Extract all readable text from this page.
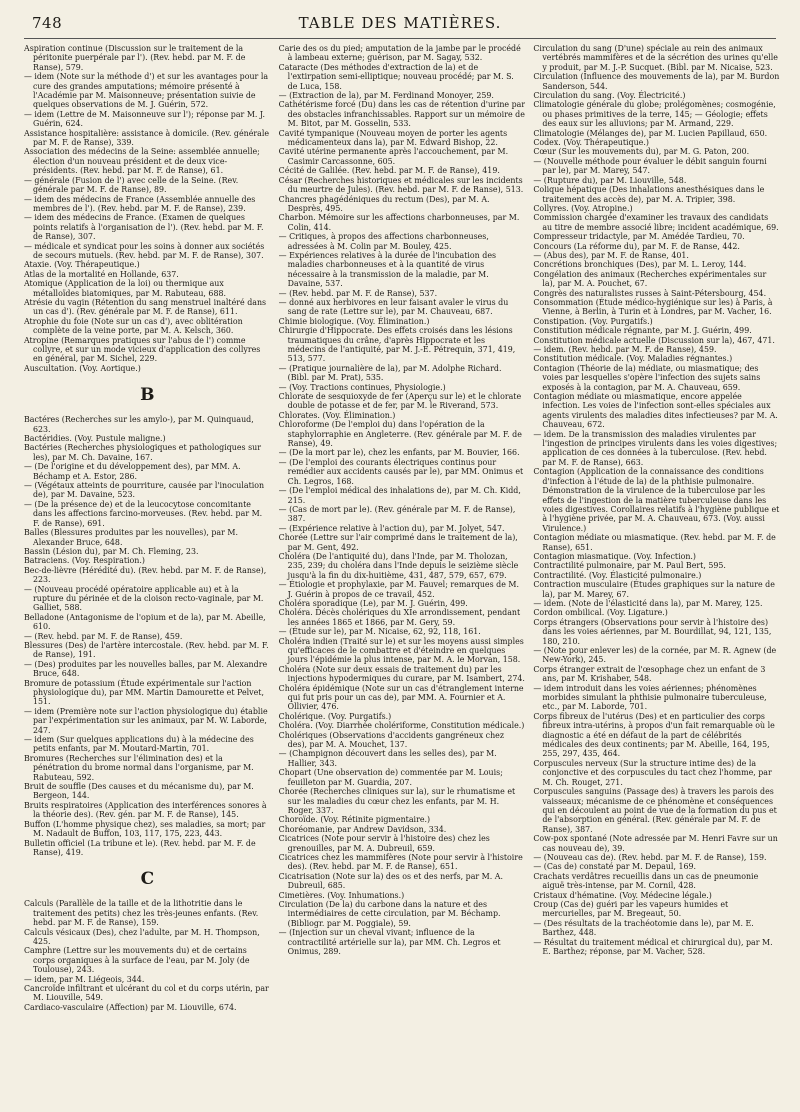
748	TABLE DES MATIÈRES.

Aspiration continue (Discussion sur le traitement de la péritonite puerpérale par l'). (Rev. hebd. par M. F. de Ranse), 579.

— idem (Note sur la méthode d') et sur les avantages pour la cure des grandes amputations; mémoire présenté à l'Académie par M. Maisonneuve; présentation suivie de quelques observations de M. J. Guérin, 572.

— idem (Lettre de M. Maisonneuve sur l'); réponse par M. J. Guérin, 624.

Assistance hospitalière: assistance à domicile. (Rev. générale par M. F. de Ranse), 339.

Association des médecins de la Seine: assemblée annuelle; élection d'un nouveau président et de deux vice-présidents. (Rev. hebd. par M. F. de Ranse), 61.

— générale (Fusion de l') avec celle de la Seine. (Rev. générale par M. F. de Ranse), 89.

— idem des médecins de France (Assemblée annuelle des membres de l'). (Rev. hebd. par M. F. de Ranse), 239.

— idem des médecins de France. (Examen de quelques points relatifs à l'organisation de l'). (Rev. hebd. par M. F. de Ranse), 307.

— médicale et syndicat pour les soins à donner aux sociétés de secours mutuels. (Rev. hebd. par M. F. de Ranse), 307.

Ataxie. (Voy. Thérapeutique.)

Atlas de la mortalité en Hollande, 637.

Atomique (Application de la loi) ou thermique aux métalloïdes biatomiques, par M. Rabuteau, 688.

Atrésie du vagin (Rétention du sang menstruel inaltéré dans un cas d'). (Rev. générale par M. F. de Ranse), 611.

Atrophie du foie (Note sur un cas d'), avec oblitération complète de la veine porte, par M. A. Kelsch, 360.

Atropine (Remarques pratiques sur l'abus de l') comme collyre, et sur un mode vicieux d'application des collyres en général, par M. Sichel, 229.

Auscultation. (Voy. Aortique.)

B

Bactéres (Recherches sur les amylo-), par M. Quinquaud, 623.

Bactéridies. (Voy. Pustule maligne.)

Bactéries (Recherches physiologiques et pathologiques sur les), par M. Ch. Davaine, 167.

— (De l'origine et du développement des), par MM. A. Béchamp et A. Estor, 286.

— (Végétaux atteints de pourriture, causée par l'inoculation de), par M. Davaine, 523.

— (De la présence de) et de la leucocytose concomitante dans les affections farcino-morveuses. (Rev. hebd. par M. F. de Ranse), 691.

Balles (Blessures produites par les nouvelles), par M. Alexander Bruce, 648.

Bassin (Lésion du), par M. Ch. Fleming, 23.

Batraciens. (Voy. Respiration.)

Bec-de-lièvre (Hérédité du). (Rev. hebd. par M. F. de Ranse), 223.

— (Nouveau procédé opératoire applicable au) et à la rupture du périnée et de la cloison recto-vaginale, par M. Galliet, 588.

Belladone (Antagonisme de l'opium et de la), par M. Abeille, 610.

— (Rev. hebd. par M. F. de Ranse), 459.

Blessures (Des) de l'artère intercostale. (Rev. hebd. par M. F. de Ranse), 191.

— (Des) produites par les nouvelles balles, par M. Alexandre Bruce, 648.

Bromure de potassium (Étude expérimentale sur l'action physiologique du), par MM. Martin Damourette et Pelvet, 151.

— idem (Première note sur l'action physiologique du) établie par l'expérimentation sur les animaux, par M. W. Laborde, 247.

— idem (Sur quelques applications du) à la médecine des petits enfants, par M. Moutard-Martin, 701.

Bromures (Recherches sur l'élimination des) et la pénétration du brome normal dans l'organisme, par M. Rabuteau, 592.

Bruit de souffle (Des causes et du mécanisme du), par M. Bergeon, 144.

Bruits respiratoires (Application des interférences sonores à la théorie des). (Rev. gén. par M. F. de Ranse), 145.

Buffon (L'homme physique chez), ses maladies, sa mort; par M. Nadault de Buffon, 103, 117, 175, 223, 443.

Bulletin officiel (La tribune et le). (Rev. hebd. par M. F. de Ranse), 419.

C

Calculs (Parallèle de la taille et de la lithotritie dans le traitement des petits) chez les très-jeunes enfants. (Rev. hebd. par M. F. de Ranse), 159.

Calculs vésicaux (Des), chez l'adulte, par M. H. Thompson, 425.

Camphre (Lettre sur les mouvements du) et de certains corps organiques à la surface de l'eau, par M. Joly (de Toulouse), 243.

— idem, par M. Liégeois, 344.

Cancroïde infiltrant et ulcérant du col et du corps utérin, par M. Liouville, 549.

Cardiaco-vasculaire (Affection) par M. Liouville, 674.

Carie des os du pied; amputation de la jambe par le procédé à lambeau externe; guérison, par M. Sagay, 532.

Cataracte (Des méthodes d'extraction de la) et de l'extirpation semi-elliptique; nouveau procédé; par M. S. de Luca, 158.

— (Extraction de la), par M. Ferdinand Monoyer, 259.

Cathétérisme forcé (Du) dans les cas de rétention d'urine par des obstacles infranchissables. Rapport sur un mémoire de M. Bitot, par M. Gosselin, 533.

Cavité tympanique (Nouveau moyen de porter les agents médicamenteux dans la), par M. Edward Bishop, 22.

Cavité utérine permanente après l'accouchement, par M. Casimir Carcassonne, 605.

Cécité de Galilée. (Rev. hebd. par M. F. de Ranse), 419.

César (Recherches historiques et médicales sur les incidents du meurtre de Jules). (Rev. hebd. par M. F. de Ranse), 513.

Chancres phagédéniques du rectum (Des), par M. A. Desprès, 495.

Charbon. Mémoire sur les affections charbonneuses, par M. Colin, 414.

— Critiques, à propos des affections charbonneuses, adressées à M. Colin par M. Bouley, 425.

— Expériences relatives à la durée de l'incubation des maladies charbonneuses et à la quantité de virus nécessaire à la transmission de la maladie, par M. Davaine, 537.

— (Rev. hebd. par M. F. de Ranse), 537.

— donné aux herbivores en leur faisant avaler le virus du sang de rate (Lettre sur le), par M. Chauveau, 687.

Chimie biologique. (Voy. Élimination.)

Chirurgie d'Hippocrate. Des effets croisés dans les lésions traumatiques du crâne, d'après Hippocrate et les médecins de l'antiquité, par M. J.-E. Pétrequin, 371, 419, 513, 577.

— (Pratique journalière de la), par M. Adolphe Richard. (Bibl. par M. Prat), 535.

— (Voy. Tractions continues, Physiologie.)

Chlorate de sesquioxyde de fer (Aperçu sur le) et le chlorate double de potasse et de fer, par M. le Riverand, 573.

Chlorates. (Voy. Élimination.)

Chloroforme (De l'emploi du) dans l'opération de la staphylorraphie en Angleterre. (Rev. générale par M. F. de Ranse), 49.

— (De la mort par le), chez les enfants, par M. Bouvier, 166.

— (De l'emploi des courants électriques continus pour remédier aux accidents causés par le), par MM. Onimus et Ch. Legros, 168.

— (De l'emploi médical des inhalations de), par M. Ch. Kidd, 215.

— (Cas de mort par le). (Rev. générale par M. F. de Ranse), 387.

— (Expérience relative à l'action du), par M. Jolyet, 547.

Chorée (Lettre sur l'air comprimé dans le traitement de la), par M. Gent, 492.

Choléra (De l'antiquité du), dans l'Inde, par M. Tholozan, 235, 239; du choléra dans l'Inde depuis le seizième siècle jusqu'à la fin du dix-huitième, 431, 487, 579, 657, 679.

— Étiologie et prophylaxie, par M. Fauvel; remarques de M. J. Guérin à propos de ce travail, 452.

Choléra sporadique (Le), par M. J. Guérin, 499.

Choléra. Décès cholériques du XIe arrondissement, pendant les années 1865 et 1866, par M. Gery, 59.

— (Étude sur le), par M. Nicaise, 62, 92, 118, 161.

Choléra indien (Traité sur le) et sur les moyens aussi simples qu'efficaces de le combattre et d'éteindre en quelques jours l'épidémie la plus intense, par M. A. le Morvan, 158.

Choléra (Note sur deux essais de traitement du) par les injections hypodermiques du curare, par M. Isambert, 274.

Choléra épidémique (Note sur un cas d'étranglement interne qui fut pris pour un cas de), par MM. A. Fournier et A. Ollivier, 476.

Cholérique. (Voy. Purgatifs.)

Choléra. (Voy. Diarrhée cholériforme, Constitution médicale.)

Cholériques (Observations d'accidents gangréneux chez des), par M. A. Mouchet, 137.

— (Champignon découvert dans les selles des), par M. Hallier, 343.

Chopart (Une observation de) commentée par M. Louis; feuilleton par M. Guardia, 207.

Chorée (Recherches cliniques sur la), sur le rhumatisme et sur les maladies du cœur chez les enfants, par M. H. Roger, 337.

Choroïde. (Voy. Rétinite pigmentaire.)

Choréomanie, par Andrew Davidson, 334.

Cicatrices (Note pour servir à l'histoire des) chez les grenouilles, par M. A. Dubreuil, 659.

Cicatrices chez les mammifères (Note pour servir à l'histoire des). (Rev. hebd. par M. F. de Ranse), 651.

Cicatrisation (Note sur la) des os et des nerfs, par M. A. Dubreuil, 685.

Cimetières. (Voy. Inhumations.)

Circulation (De la) du carbone dans la nature et des intermédiaires de cette circulation, par M. Béchamp. (Bibliogr. par M. Poggiale), 59.

— (Injection sur un cheval vivant; influence de la contractilité artérielle sur la), par MM. Ch. Legros et Onimus, 289.

Circulation du sang (D'une) spéciale au rein des animaux vertébrés mammifères et de la sécrétion des urines qu'elle y produit, par M. J.-P. Sucquet. (Bibl. par M. Nicaise, 523.

Circulation (Influence des mouvements de la), par M. Burdon Sanderson, 544.

Circulation du sang. (Voy. Électricité.)

Climatologie générale du globe; prolégomènes; cosmogénie, ou phases primitives de la terre, 145; — Géologie; effets des eaux sur les alluvions; par M. Armand, 229.

Climatologie (Mélanges de), par M. Lucien Papillaud, 650.

Codex. (Voy. Thérapeutique.)

Cœur (Sur les mouvements du), par M. G. Paton, 200.

— (Nouvelle méthode pour évaluer le débit sanguin fourni par le), par M. Marey, 547.

— (Rupture du), par M. Liouville, 548.

Colique hépatique (Des inhalations anesthésiques dans le traitement des accès de), par M. A. Tripier, 398.

Collyres. (Voy. Atropine.)

Commission chargée d'examiner les travaux des candidats au titre de membre associé libre; incident académique, 69.

Compresseur tridactyle, par M. Amédée Tardieu, 70.

Concours (La réforme du), par M. F. de Ranse, 442.

— (Abus des), par M. F. de Ranse, 401.

Concrétions bronchiques (Des), par M. L. Leroy, 144.

Congélation des animaux (Recherches expérimentales sur la), par M. A. Pouchet, 67.

Congrès des naturalistes russes à Saint-Pétersbourg, 454.

Consommation (Étude médico-hygiénique sur les) à Paris, à Vienne, à Berlin, à Turin et à Londres, par M. Vacher, 16.

Constipation. (Voy. Purgatifs.)

Constitution médicale régnante, par M. J. Guérin, 499.

Constitution médicale actuelle (Discussion sur la), 467, 471.

— idem. (Rev. hebd. par M. F. de Ranse), 459.

Constitution médicale. (Voy. Maladies régnantes.)

Contagion (Théorie de la) médiate, ou miasmatique; des voies par lesquelles s'opère l'infection des sujets sains exposés à la contagion, par M. A. Chauveau, 659.

Contagion médiate ou miasmatique, encore appelée infection. Les voies de l'infection sont-elles spéciales aux agents virulents des maladies dites infectieuses? par M. A. Chauveau, 672.

— idem. De la transmission des maladies virulentes par l'ingestion de principes virulents dans les voies digestives; application de ces données à la tuberculose. (Rev. hebd. par M. F. de Ranse), 663.

Contagion (Application de la connaissance des conditions d'infection à l'étude de la) de la phthisie pulmonaire. Démonstration de la virulence de la tuberculose par les effets de l'ingestion de la matière tuberculeuse dans les voies digestives. Corollaires relatifs à l'hygiène publique et à l'hygiène privée, par M. A. Chauveau, 673. (Voy. aussi Virulence.)

Contagion médiate ou miasmatique. (Rev. hebd. par M. F. de Ranse), 651.

Contagion miasmatique. (Voy. Infection.)

Contractilité pulmonaire, par M. Paul Bert, 595.

Contractilité. (Voy. Élasticité pulmonaire.)

Contraction musculaire (Études graphiques sur la nature de la), par M. Marey, 67.

— idem. (Note de l'élasticité dans la), par M. Marey, 125.

Cordon ombilical. (Voy. Ligature.)

Corps étrangers (Observations pour servir à l'histoire des) dans les voies aériennes, par M. Bourdillat, 94, 121, 135, 180, 210.

— (Note pour enlever les) de la cornée, par M. R. Agnew (de New-York), 245.

Corps étranger extrait de l'œsophage chez un enfant de 3 ans, par M. Krishaber, 548.

— idem introduit dans les voies aériennes; phénomènes morbides simulant la phthisie pulmonaire tuberculeuse, etc., par M. Laborde, 701.

Corps fibreux de l'utérus (Des) et en particulier des corps fibreux intra-utérins, à propos d'un fait remarquable où le diagnostic a été en défaut de la part de célébrités médicales des deux continents; par M. Abeille, 164, 195, 255, 297, 435, 464.

Corpuscules nerveux (Sur la structure intime des) de la conjonctive et des corpuscules du tact chez l'homme, par M. Ch. Rouget, 271.

Corpuscules sanguins (Passage des) à travers les parois des vaisseaux; mécanisme de ce phénomène et conséquences qui en découlent au point de vue de la formation du pus et de l'absorption en général. (Rev. générale par M. F. de Ranse), 387.

Cow-pox spontané (Note adressée par M. Henri Favre sur un cas nouveau de), 39.

— (Nouveau cas de). (Rev. hebd. par M. F. de Ranse), 159.

— (Cas de) constaté par M. Depaul, 169.

Crachats verdâtres recueillis dans un cas de pneumonie aiguë très-intense, par M. Cornil, 428.

Cristaux d'hématine. (Voy. Médecine légale.)

Croup (Cas de) guéri par les vapeurs humides et mercurielles, par M. Bregeaut, 50.

— (Des résultats de la trachéotomie dans le), par M. E. Barthez, 448.

— Résultat du traitement médical et chirurgical du), par M. E. Barthez; réponse, par M. Vacher, 528.
